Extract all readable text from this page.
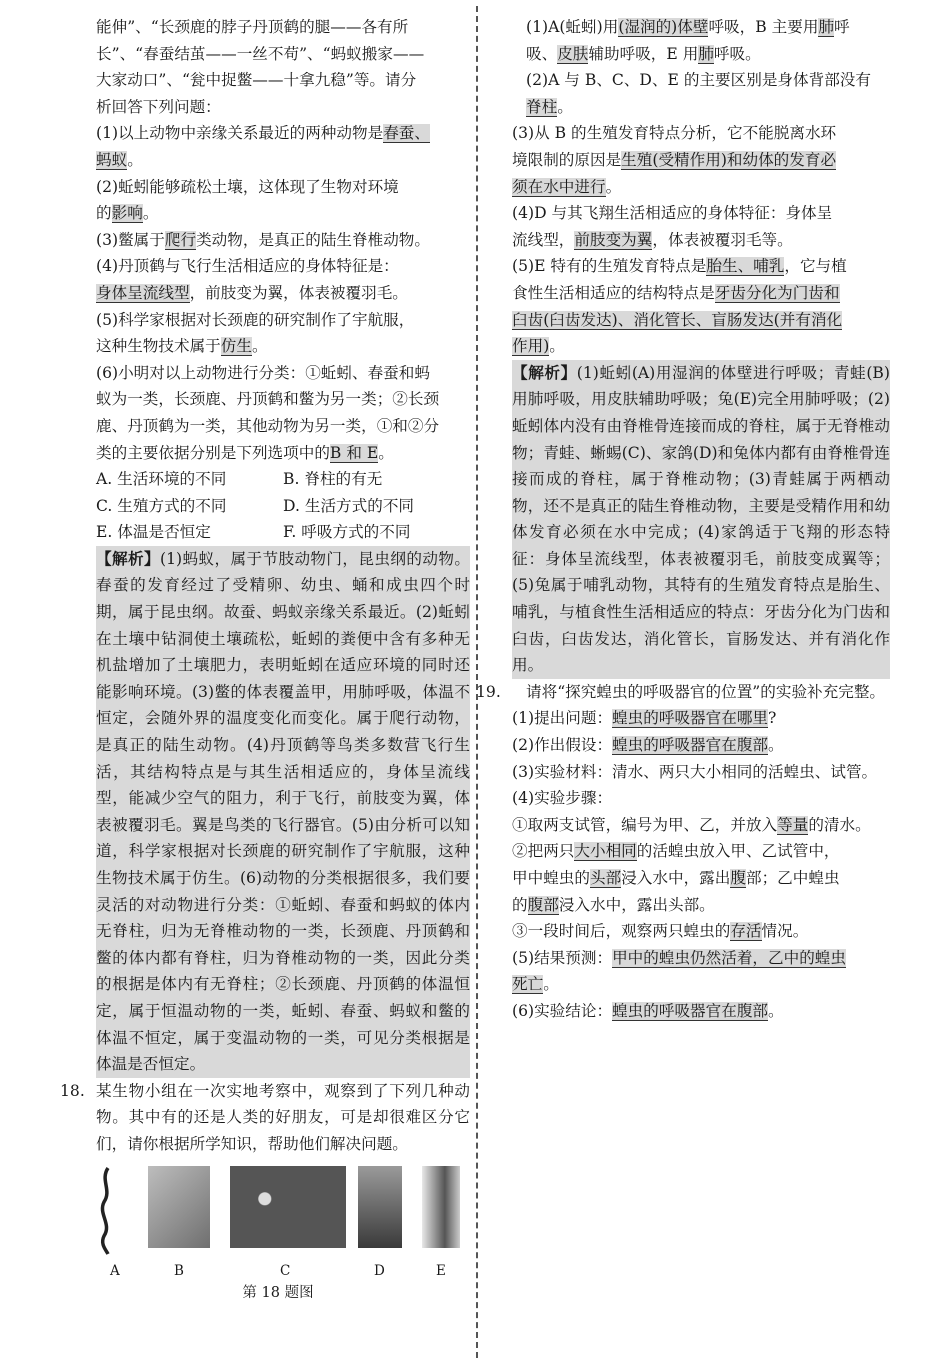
能伸”、“长颈鹿的脖子丹顶鹤的腿——各有所

长”、“春蚕结茧——一丝不苟”、“蚂蚁搬家——

大家动口”、“瓮中捉鳖——十拿九稳”等。请分

析回答下列问题：

(1)以上动物中亲缘关系最近的两种动物是春蚕、

蚂蚁。

(2)蚯蚓能够疏松土壤，这体现了生物对环境

的影响。

(3)鳖属于爬行类动物，是真正的陆生脊椎动物。

(4)丹顶鹤与飞行生活相适应的身体特征是：

身体呈流线型，前肢变为翼，体表被覆羽毛。

(5)科学家根据对长颈鹿的研究制作了宇航服，

这种生物技术属于仿生。

(6)小明对以上动物进行分类：①蚯蚓、春蚕和蚂

蚁为一类，长颈鹿、丹顶鹤和鳖为另一类；②长颈

鹿、丹顶鹤为一类，其他动物为另一类，①和②分

类的主要依据分别是下列选项中的B 和 E。

A. 生活环境的不同	B. 脊柱的有无
C. 生殖方式的不同	D. 生活方式的不同
E. 体温是否恒定	F. 呼吸方式的不同

【解析】(1)蚂蚁，属于节肢动物门，昆虫纲的动物。春蚕的发育经过了受精卵、幼虫、蛹和成虫四个时期，属于昆虫纲。故蚕、蚂蚁亲缘关系最近。(2)蚯蚓在土壤中钻洞使土壤疏松，蚯蚓的粪便中含有多种无机盐增加了土壤肥力，表明蚯蚓在适应环境的同时还能影响环境。(3)鳖的体表覆盖甲，用肺呼吸，体温不恒定，会随外界的温度变化而变化。属于爬行动物，是真正的陆生动物。(4)丹顶鹤等鸟类多数营飞行生活，其结构特点是与其生活相适应的，身体呈流线型，能减少空气的阻力，利于飞行，前肢变为翼，体表被覆羽毛。翼是鸟类的飞行器官。(5)由分析可以知道，科学家根据对长颈鹿的研究制作了宇航服，这种生物技术属于仿生。(6)动物的分类根据很多，我们要灵活的对动物进行分类：①蚯蚓、春蚕和蚂蚁的体内无脊柱，归为无脊椎动物的一类，长颈鹿、丹顶鹤和鳖的体内都有脊柱，归为脊椎动物的一类，因此分类的根据是体内有无脊柱；②长颈鹿、丹顶鹤的体温恒定，属于恒温动物的一类，蚯蚓、春蚕、蚂蚁和鳖的体温不恒定，属于变温动物的一类，可见分类根据是体温是否恒定。

18. 某生物小组在一次实地考察中，观察到了下列几种动物。其中有的还是人类的好朋友，可是却很难区分它们，请你根据所学知识，帮助他们解决问题。

A	B	C	D	E
第 18 题图

(1)A(蚯蚓)用(湿润的)体壁呼吸，B 主要用肺呼

吸、皮肤辅助呼吸，E 用肺呼吸。

(2)A 与 B、C、D、E 的主要区别是身体背部没有

脊柱。

(3)从 B 的生殖发育特点分析，它不能脱离水环

境限制的原因是生殖(受精作用)和幼体的发育必

须在水中进行。

(4)D 与其飞翔生活相适应的身体特征：身体呈

流线型，前肢变为翼，体表被覆羽毛等。

(5)E 特有的生殖发育特点是胎生、哺乳，它与植

食性生活相适应的结构特点是牙齿分化为门齿和

臼齿(臼齿发达)、消化管长、盲肠发达(并有消化

作用)。

【解析】(1)蚯蚓(A)用湿润的体壁进行呼吸；青蛙(B)用肺呼吸，用皮肤辅助呼吸；兔(E)完全用肺呼吸；(2)蚯蚓体内没有由脊椎骨连接而成的脊柱，属于无脊椎动物；青蛙、蜥蜴(C)、家鸽(D)和兔体内都有由脊椎骨连接而成的脊柱，属于脊椎动物；(3)青蛙属于两栖动物，还不是真正的陆生脊椎动物，主要是受精作用和幼体发育必须在水中完成；(4)家鸽适于飞翔的形态特征：身体呈流线型，体表被覆羽毛，前肢变成翼等；(5)兔属于哺乳动物，其特有的生殖发育特点是胎生、哺乳，与植食性生活相适应的特点：牙齿分化为门齿和臼齿，臼齿发达，消化管长，盲肠发达、并有消化作用。

19. 请将“探究蝗虫的呼吸器官的位置”的实验补充完整。

(1)提出问题：蝗虫的呼吸器官在哪里?

(2)作出假设：蝗虫的呼吸器官在腹部。

(3)实验材料：清水、两只大小相同的活蝗虫、试管。

(4)实验步骤：

①取两支试管，编号为甲、乙，并放入等量的清水。

②把两只大小相同的活蝗虫放入甲、乙试管中，

甲中蝗虫的头部浸入水中，露出腹部；乙中蝗虫

的腹部浸入水中，露出头部。

③一段时间后，观察两只蝗虫的存活情况。

(5)结果预测：甲中的蝗虫仍然活着，乙中的蝗虫

死亡。

(6)实验结论：蝗虫的呼吸器官在腹部。
